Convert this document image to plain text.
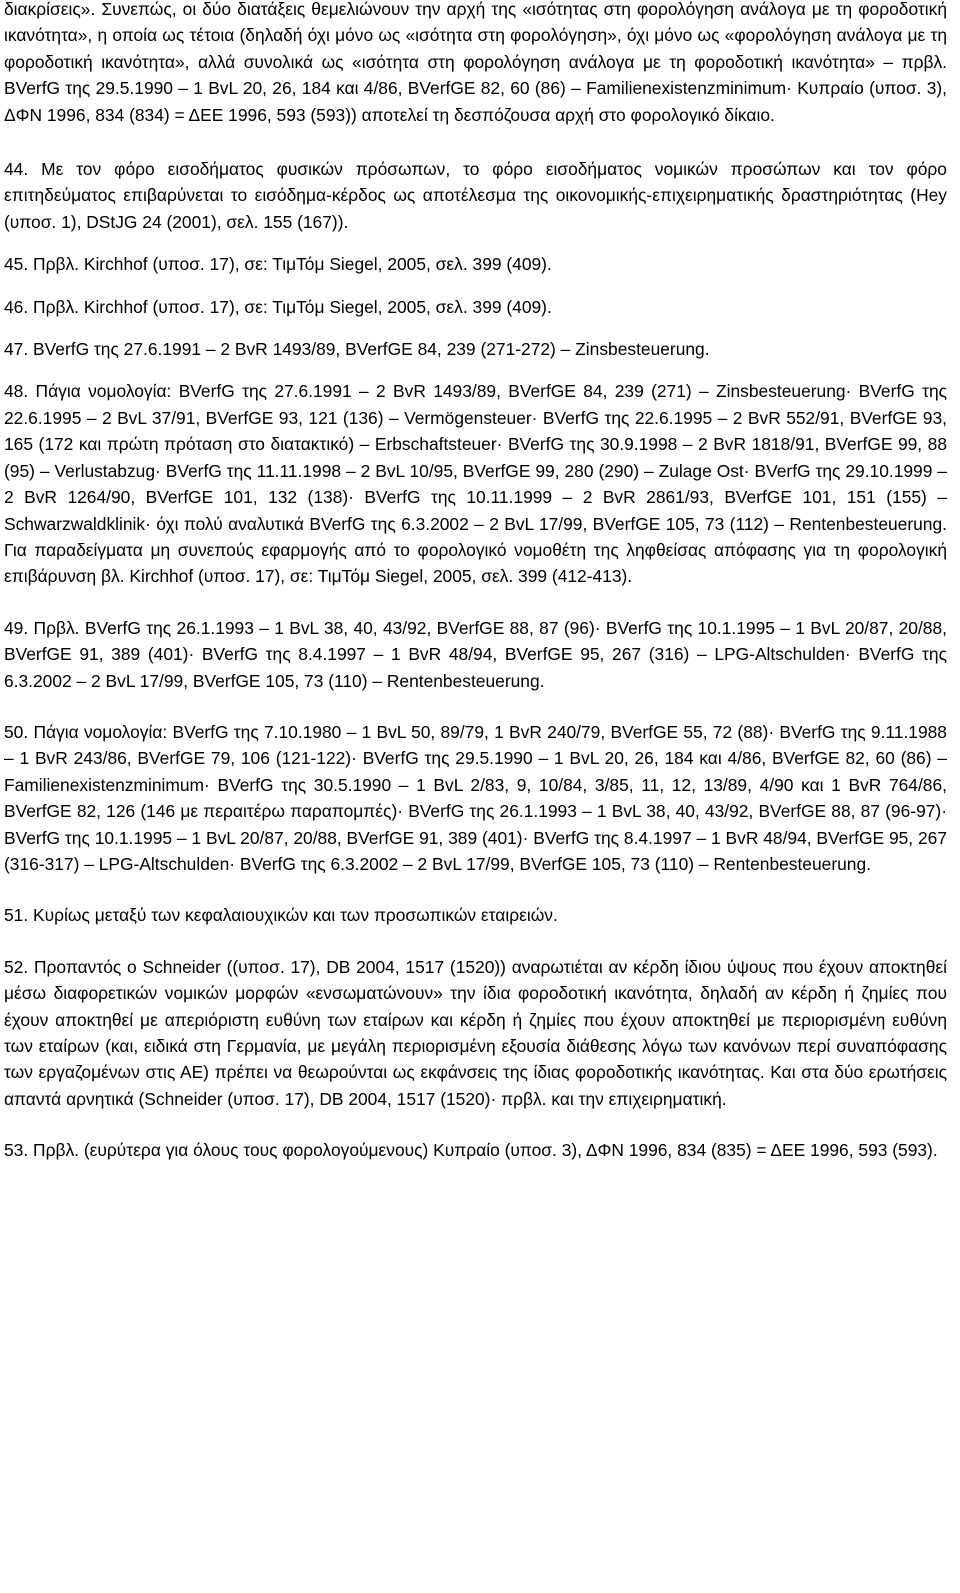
διακρίσεις». Συνεπώς, οι δύο διατάξεις θεμελιώνουν την αρχή της «ισότητας στη φορολόγηση ανάλογα με τη φοροδοτική ικανότητα», η οποία ως τέτοια (δηλαδή όχι μόνο ως «ισότητα στη φορολόγηση», όχι μόνο ως «φορολόγηση ανάλογα με τη φοροδοτική ικανότητα», αλλά συνολικά ως «ισότητα στη φορολόγηση ανάλογα με τη φοροδοτική ικανότητα» – πρβλ. BVerfG της 29.5.1990 – 1 BvL 20, 26, 184 και 4/86, BVerfGE 82, 60 (86) – Familienexistenzminimum· Κυπραίο (υποσ. 3), ΔΦΝ 1996, 834 (834) = ΔΕΕ 1996, 593 (593)) αποτελεί τη δεσπόζουσα αρχή στο φορολογικό δίκαιο.

44. Με τον φόρο εισοδήματος φυσικών πρόσωπων, το φόρο εισοδήματος νομικών προσώπων και τον φόρο επιτηδεύματος επιβαρύνεται το εισόδημα-κέρδος ως αποτέλεσμα της οικονομικής-επιχειρηματικής δραστηριότητας (Hey (υποσ. 1), DStJG 24 (2001), σελ. 155 (167)).

45. Πρβλ. Kirchhof (υποσ. 17), σε: ΤιμΤόμ Siegel, 2005, σελ. 399 (409).

46. Πρβλ. Kirchhof (υποσ. 17), σε: ΤιμΤόμ Siegel, 2005, σελ. 399 (409).

47. BVerfG της 27.6.1991 – 2 BvR 1493/89, BVerfGE 84, 239 (271-272) – Zinsbesteuerung.

48. Πάγια νομολογία: BVerfG της 27.6.1991 – 2 BvR 1493/89, BVerfGE 84, 239 (271) – Zinsbesteuerung· BVerfG της 22.6.1995 – 2 BvL 37/91, BVerfGE 93, 121 (136) – Vermögensteuer· BVerfG της 22.6.1995 – 2 BvR 552/91, BVerfGE 93, 165 (172 και πρώτη πρόταση στο διατακτικό) – Erbschaftsteuer· BVerfG της 30.9.1998 – 2 BvR 1818/91, BVerfGE 99, 88 (95) – Verlustabzug· BVerfG της 11.11.1998 – 2 BvL 10/95, BVerfGE 99, 280 (290) – Zulage Ost· BVerfG της 29.10.1999 – 2 BvR 1264/90, BVerfGE 101, 132 (138)· BVerfG της 10.11.1999 – 2 BvR 2861/93, BVerfGE 101, 151 (155) – Schwarzwaldklinik· όχι πολύ αναλυτικά BVerfG της 6.3.2002 – 2 BvL 17/99, BVerfGE 105, 73 (112) – Rentenbesteuerung. Για παραδείγματα μη συνεπούς εφαρμογής από το φορολογικό νομοθέτη της ληφθείσας απόφασης για τη φορολογική επιβάρυνση βλ. Kirchhof (υποσ. 17), σε: ΤιμΤόμ Siegel, 2005, σελ. 399 (412-413).

49. Πρβλ. BVerfG της 26.1.1993 – 1 BvL 38, 40, 43/92, BVerfGE 88, 87 (96)· BVerfG της 10.1.1995 – 1 BvL 20/87, 20/88, BVerfGE 91, 389 (401)· BVerfG της 8.4.1997 – 1 BvR 48/94, BVerfGE 95, 267 (316) – LPG-Altschulden· BVerfG της 6.3.2002 – 2 BvL 17/99, BVerfGE 105, 73 (110) – Rentenbesteuerung.

50. Πάγια νομολογία: BVerfG της 7.10.1980 – 1 BvL 50, 89/79, 1 BvR 240/79, BVerfGE 55, 72 (88)· BVerfG της 9.11.1988 – 1 BvR 243/86, BVerfGE 79, 106 (121-122)· BVerfG της 29.5.1990 – 1 BvL 20, 26, 184 και 4/86, BVerfGE 82, 60 (86) – Familienexistenzminimum· BVerfG της 30.5.1990 – 1 BvL 2/83, 9, 10/84, 3/85, 11, 12, 13/89, 4/90 και 1 BvR 764/86, BVerfGE 82, 126 (146 με περαιτέρω παραπομπές)· BVerfG της 26.1.1993 – 1 BvL 38, 40, 43/92, BVerfGE 88, 87 (96-97)· BVerfG της 10.1.1995 – 1 BvL 20/87, 20/88, BVerfGE 91, 389 (401)· BVerfG της 8.4.1997 – 1 BvR 48/94, BVerfGE 95, 267 (316-317) – LPG-Altschulden· BVerfG της 6.3.2002 – 2 BvL 17/99, BVerfGE 105, 73 (110) – Rentenbesteuerung.

51. Κυρίως μεταξύ των κεφαλαιουχικών και των προσωπικών εταιρειών.

52. Προπαντός ο Schneider ((υποσ. 17), DB 2004, 1517 (1520)) αναρωτιέται αν κέρδη ίδιου ύψους που έχουν αποκτηθεί μέσω διαφορετικών νομικών μορφών «ενσωματώνουν» την ίδια φοροδοτική ικανότητα, δηλαδή αν κέρδη ή ζημίες που έχουν αποκτηθεί με απεριόριστη ευθύνη των εταίρων και κέρδη ή ζημίες που έχουν αποκτηθεί με περιορισμένη ευθύνη των εταίρων (και, ειδικά στη Γερμανία, με μεγάλη περιορισμένη εξουσία διάθεσης λόγω των κανόνων περί συναπόφασης των εργαζομένων στις ΑΕ) πρέπει να θεωρούνται ως εκφάνσεις της ίδιας φοροδοτικής ικανότητας. Και στα δύο ερωτήσεις απαντά αρνητικά (Schneider (υποσ. 17), DB 2004, 1517 (1520)· πρβλ. και την επιχειρηματική.

53. Πρβλ. (ευρύτερα για όλους τους φορολογούμενους) Κυπραίο (υποσ. 3), ΔΦΝ 1996, 834 (835) = ΔΕΕ 1996, 593 (593).
